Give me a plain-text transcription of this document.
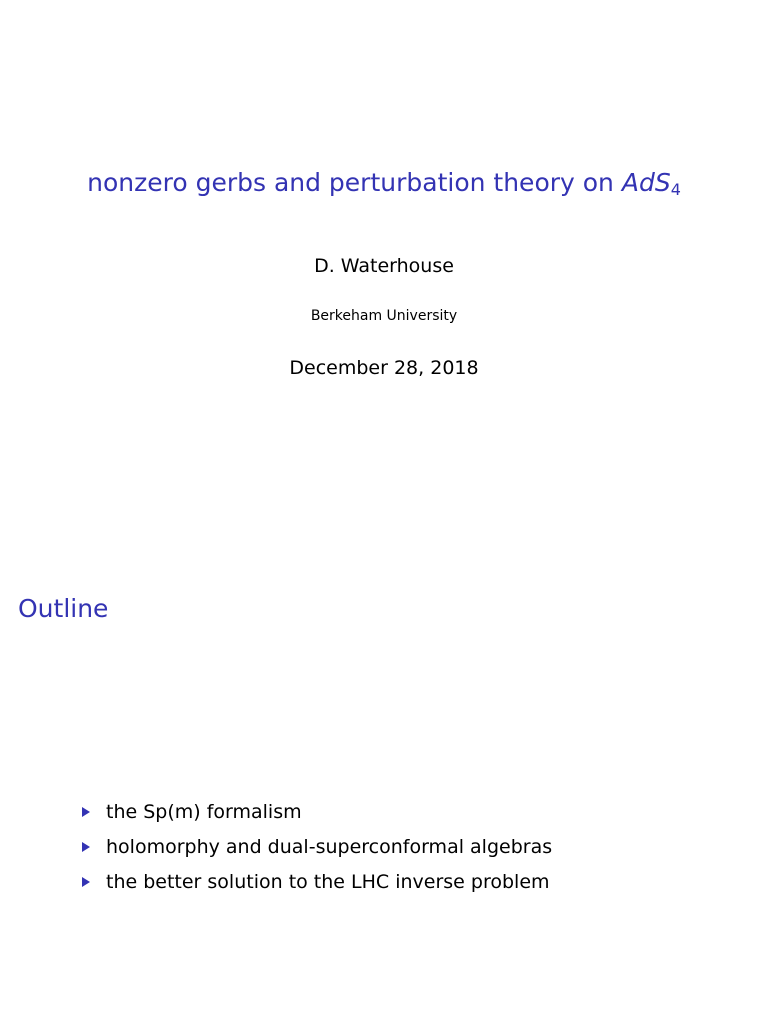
nonzero gerbs and perturbation theory on AdS$_4$
D. Waterhouse
Berkeham University
December 28, 2018
Outline
the Sp(m) formalism
holomorphy and dual-superconformal algebras
the better solution to the LHC inverse problem
